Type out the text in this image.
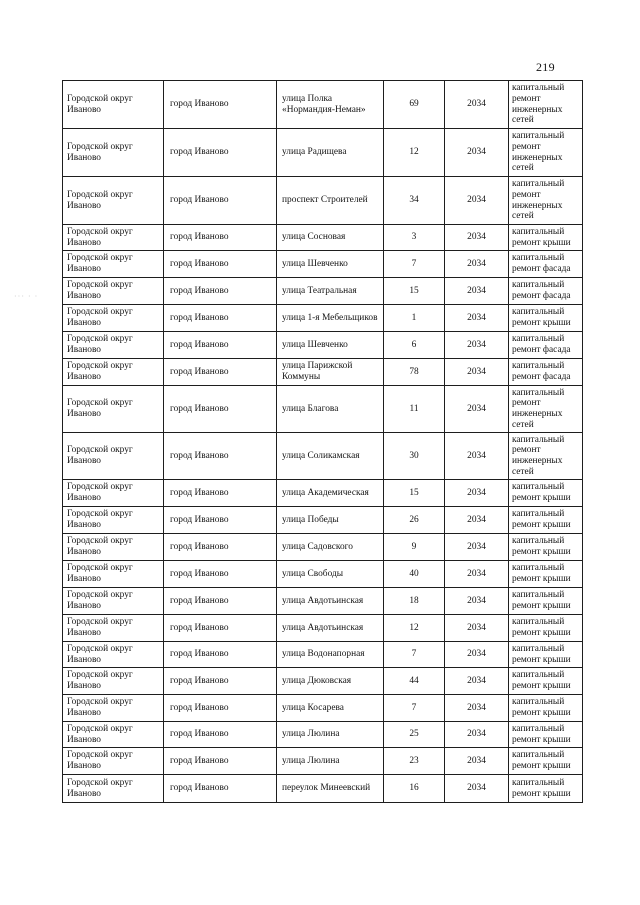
219
··· · ·
Городской округ Иваново	город Иваново	улица Полка «Нормандия-Неман»	69	2034	капитальный ремонт инженерных сетей
Городской округ Иваново	город Иваново	улица Радищева	12	2034	капитальный ремонт инженерных сетей
Городской округ Иваново	город Иваново	проспект Строителей	34	2034	капитальный ремонт инженерных сетей
Городской округ Иваново	город Иваново	улица Сосновая	3	2034	капитальный ремонт крыши
Городской округ Иваново	город Иваново	улица Шевченко	7	2034	капитальный ремонт фасада
Городской округ Иваново	город Иваново	улица Театральная	15	2034	капитальный ремонт фасада
Городской округ Иваново	город Иваново	улица 1-я Мебельщиков	1	2034	капитальный ремонт крыши
Городской округ Иваново	город Иваново	улица Шевченко	6	2034	капитальный ремонт фасада
Городской округ Иваново	город Иваново	улица Парижской Коммуны	78	2034	капитальный ремонт фасада
Городской округ Иваново	город Иваново	улица Благова	11	2034	капитальный ремонт инженерных сетей
Городской округ Иваново	город Иваново	улица Соликамская	30	2034	капитальный ремонт инженерных сетей
Городской округ Иваново	город Иваново	улица Академическая	15	2034	капитальный ремонт крыши
Городской округ Иваново	город Иваново	улица Победы	26	2034	капитальный ремонт крыши
Городской округ Иваново	город Иваново	улица Садовского	9	2034	капитальный ремонт крыши
Городской округ Иваново	город Иваново	улица Свободы	40	2034	капитальный ремонт крыши
Городской округ Иваново	город Иваново	улица Авдотьинская	18	2034	капитальный ремонт крыши
Городской округ Иваново	город Иваново	улица Авдотьинская	12	2034	капитальный ремонт крыши
Городской округ Иваново	город Иваново	улица Водонапорная	7	2034	капитальный ремонт крыши
Городской округ Иваново	город Иваново	улица Дюковская	44	2034	капитальный ремонт крыши
Городской округ Иваново	город Иваново	улица Косарева	7	2034	капитальный ремонт крыши
Городской округ Иваново	город Иваново	улица Люлина	25	2034	капитальный ремонт крыши
Городской округ Иваново	город Иваново	улица Люлина	23	2034	капитальный ремонт крыши
Городской округ Иваново	город Иваново	переулок Минеевский	16	2034	капитальный ремонт крыши
